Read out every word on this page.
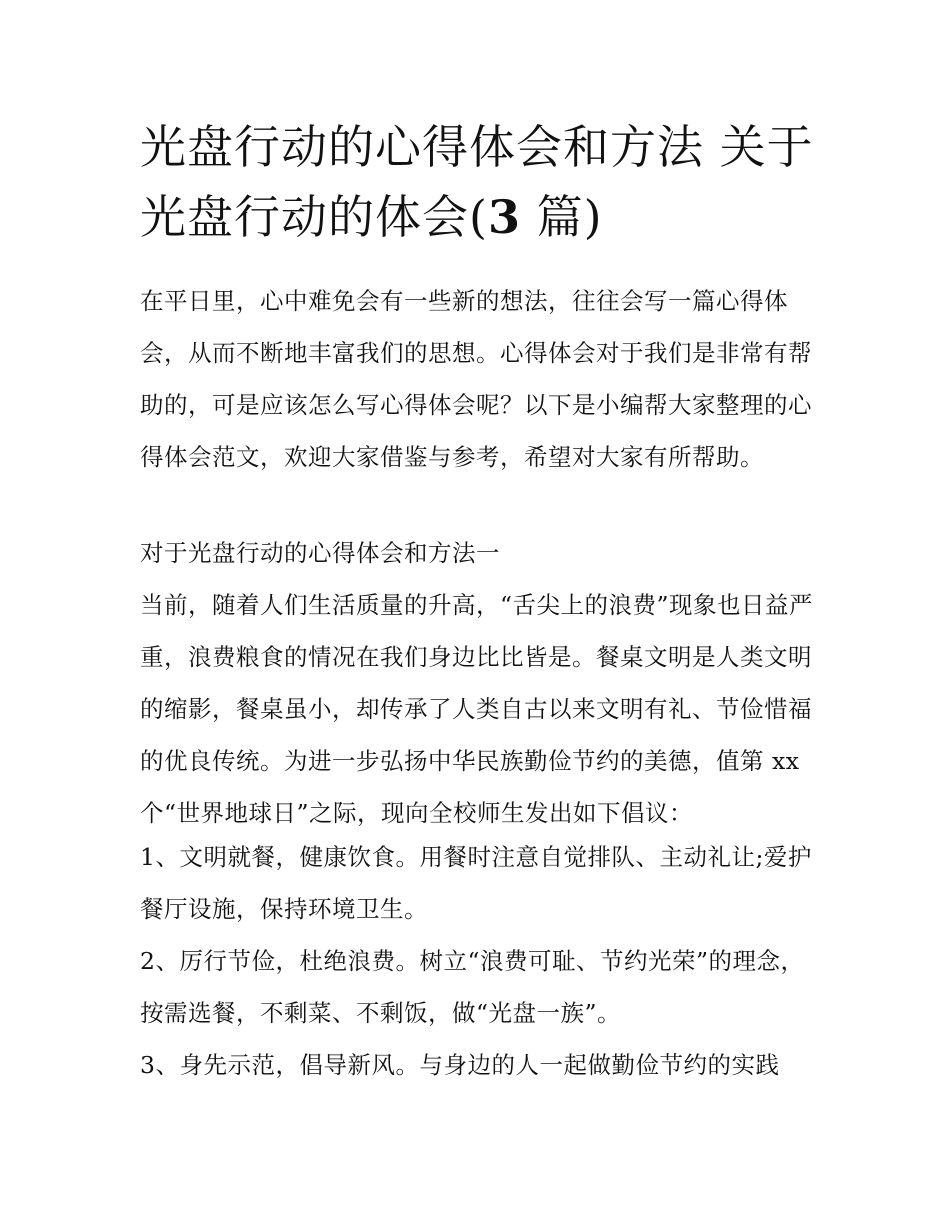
光盘行动的心得体会和方法 关于光盘行动的体会(3 篇)

在平日里，心中难免会有一些新的想法，往往会写一篇心得体会，从而不断地丰富我们的思想。心得体会对于我们是非常有帮助的，可是应该怎么写心得体会呢？以下是小编帮大家整理的心得体会范文，欢迎大家借鉴与参考，希望对大家有所帮助。

对于光盘行动的心得体会和方法一

当前，随着人们生活质量的升高，“舌尖上的浪费”现象也日益严重，浪费粮食的情况在我们身边比比皆是。餐桌文明是人类文明的缩影，餐桌虽小，却传承了人类自古以来文明有礼、节俭惜福的优良传统。为进一步弘扬中华民族勤俭节约的美德，值第 xx 个“世界地球日”之际，现向全校师生发出如下倡议：

1、文明就餐，健康饮食。用餐时注意自觉排队、主动礼让;爱护餐厅设施，保持环境卫生。

2、厉行节俭，杜绝浪费。树立“浪费可耻、节约光荣”的理念，按需选餐，不剩菜、不剩饭，做“光盘一族”。

3、身先示范，倡导新风。与身边的人一起做勤俭节约的实践
